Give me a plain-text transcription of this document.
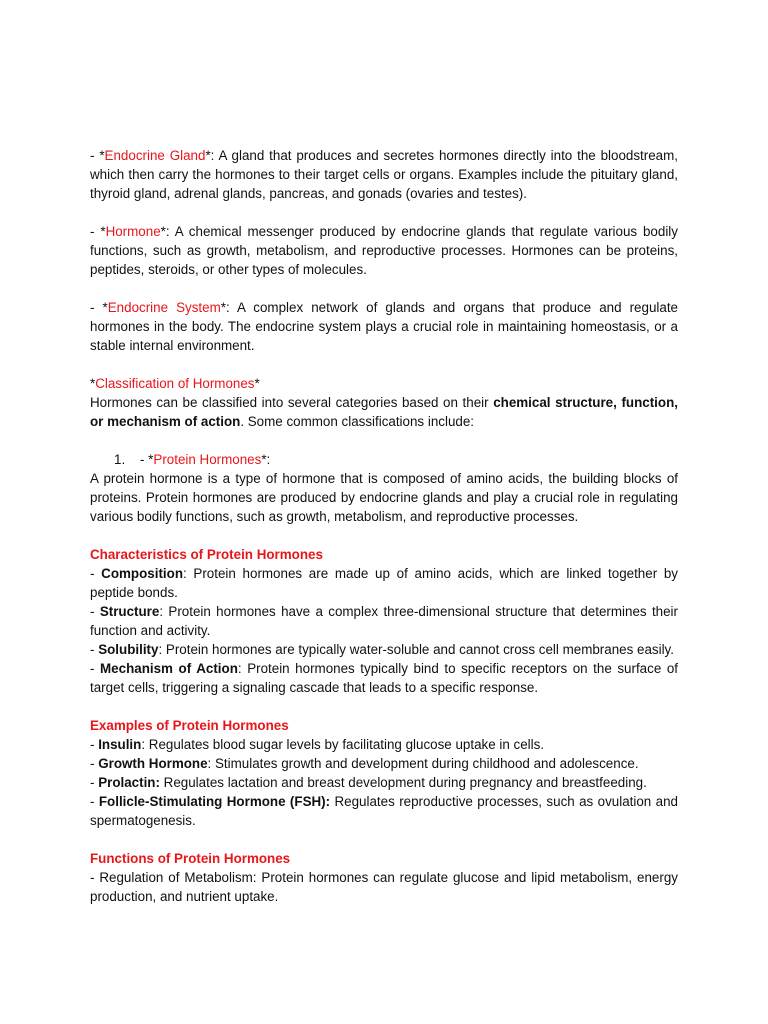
- *Endocrine Gland*: A gland that produces and secretes hormones directly into the bloodstream, which then carry the hormones to their target cells or organs. Examples include the pituitary gland, thyroid gland, adrenal glands, pancreas, and gonads (ovaries and testes).

- *Hormone*: A chemical messenger produced by endocrine glands that regulate various bodily functions, such as growth, metabolism, and reproductive processes. Hormones can be proteins, peptides, steroids, or other types of molecules.

- *Endocrine System*: A complex network of glands and organs that produce and regulate hormones in the body. The endocrine system plays a crucial role in maintaining homeostasis, or a stable internal environment.

*Classification of Hormones*

Hormones can be classified into several categories based on their chemical structure, function, or mechanism of action. Some common classifications include:

1. - *Protein Hormones*:

A protein hormone is a type of hormone that is composed of amino acids, the building blocks of proteins. Protein hormones are produced by endocrine glands and play a crucial role in regulating various bodily functions, such as growth, metabolism, and reproductive processes.

Characteristics of Protein Hormones

- Composition: Protein hormones are made up of amino acids, which are linked together by peptide bonds.

- Structure: Protein hormones have a complex three-dimensional structure that determines their function and activity.

- Solubility: Protein hormones are typically water-soluble and cannot cross cell membranes easily.

- Mechanism of Action: Protein hormones typically bind to specific receptors on the surface of target cells, triggering a signaling cascade that leads to a specific response.

Examples of Protein Hormones

- Insulin: Regulates blood sugar levels by facilitating glucose uptake in cells.

- Growth Hormone: Stimulates growth and development during childhood and adolescence.

- Prolactin: Regulates lactation and breast development during pregnancy and breastfeeding.

- Follicle-Stimulating Hormone (FSH): Regulates reproductive processes, such as ovulation and spermatogenesis.

Functions of Protein Hormones

- Regulation of Metabolism: Protein hormones can regulate glucose and lipid metabolism, energy production, and nutrient uptake.
